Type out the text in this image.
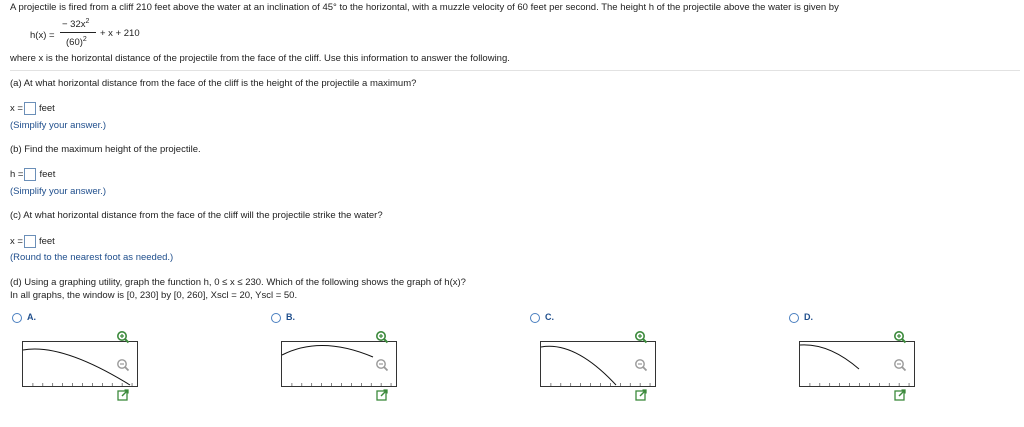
A projectile is fired from a cliff 210 feet above the water at an inclination of 45° to the horizontal, with a muzzle velocity of 60 feet per second. The height h of the projectile above the water is given by
h(x) =
− $32x^2$
$(60)^2$
+ x + 210
where x is the horizontal distance of the projectile from the face of the cliff. Use this information to answer the following.
(a) At what horizontal distance from the face of the cliff is the height of the projectile a maximum?
x = feet
(Simplify your answer.)
(b) Find the maximum height of the projectile.
h = feet
(Simplify your answer.)
(c) At what horizontal distance from the face of the cliff will the projectile strike the water?
x = feet
(Round to the nearest foot as needed.)
(d) Using a graphing utility, graph the function h, 0 ≤ x ≤ 230. Which of the following shows the graph of h(x)?
In all graphs, the window is [0, 230] by [0, 260], Xscl = 20, Yscl = 50.
A.	B.	C.	D.
